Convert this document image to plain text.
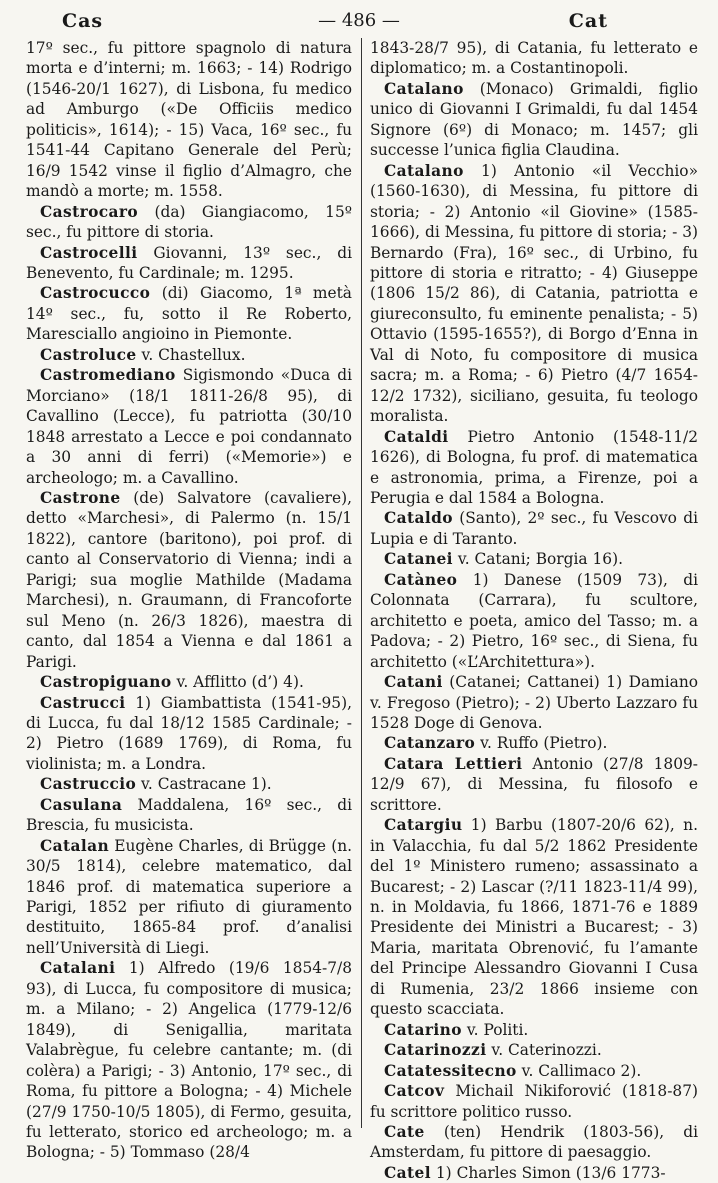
Cas	— 486 —	Cat

17º sec., fu pittore spagnolo di natura morta e d’interni; m. 1663; - 14) Rodrigo (1546-20/1 1627), di Lisbona, fu medico ad Amburgo («De Officiis medico politicis», 1614); - 15) Vaca, 16º sec., fu 1541-44 Capitano Generale del Perù; 16/9 1542 vinse il figlio d’Almagro, che mandò a morte; m. 1558.

Castrocaro (da) Giangiacomo, 15º sec., fu pittore di storia.

Castrocelli Giovanni, 13º sec., di Benevento, fu Cardinale; m. 1295.

Castrocucco (di) Giacomo, 1ª metà 14º sec., fu, sotto il Re Roberto, Maresciallo angioino in Piemonte.

Castroluce v. Chastellux.

Castromediano Sigismondo «Duca di Morciano» (18/1 1811-26/8 95), di Cavallino (Lecce), fu patriotta (30/10 1848 arrestato a Lecce e poi condannato a 30 anni di ferri) («Memorie») e archeologo; m. a Cavallino.

Castrone (de) Salvatore (cavaliere), detto «Marchesi», di Palermo (n. 15/1 1822), cantore (baritono), poi prof. di canto al Conservatorio di Vienna; indi a Parigi; sua moglie Mathilde (Madama Marchesi), n. Graumann, di Francoforte sul Meno (n. 26/3 1826), maestra di canto, dal 1854 a Vienna e dal 1861 a Parigi.

Castropiguano v. Afflitto (d’) 4).

Castrucci 1) Giambattista (1541-95), di Lucca, fu dal 18/12 1585 Cardinale; - 2) Pietro (1689 1769), di Roma, fu violinista; m. a Londra.

Castruccio v. Castracane 1).

Casulana Maddalena, 16º sec., di Brescia, fu musicista.

Catalan Eugène Charles, di Brügge (n. 30/5 1814), celebre matematico, dal 1846 prof. di matematica superiore a Parigi, 1852 per rifiuto di giuramento destituito, 1865-84 prof. d’analisi nell’Università di Liegi.

Catalani 1) Alfredo (19/6 1854-7/8 93), di Lucca, fu compositore di musica; m. a Milano; - 2) Angelica (1779-12/6 1849), di Senigallia, maritata Valabrègue, fu celebre cantante; m. (di colèra) a Parigi; - 3) Antonio, 17º sec., di Roma, fu pittore a Bologna; - 4) Michele (27/9 1750-10/5 1805), di Fermo, gesuita, fu letterato, storico ed archeologo; m. a Bologna; - 5) Tommaso (28/4

1843-28/7 95), di Catania, fu letterato e diplomatico; m. a Costantinopoli.

Catalano (Monaco) Grimaldi, figlio unico di Giovanni I Grimaldi, fu dal 1454 Signore (6º) di Monaco; m. 1457; gli successe l’unica figlia Claudina.

Catalano 1) Antonio «il Vecchio» (1560-1630), di Messina, fu pittore di storia; - 2) Antonio «il Giovine» (1585-1666), di Messina, fu pittore di storia; - 3) Bernardo (Fra), 16º sec., di Urbino, fu pittore di storia e ritratto; - 4) Giuseppe (1806 15/2 86), di Catania, patriotta e giureconsulto, fu eminente penalista; - 5) Ottavio (1595-1655?), di Borgo d’Enna in Val di Noto, fu compositore di musica sacra; m. a Roma; - 6) Pietro (4/7 1654-12/2 1732), siciliano, gesuita, fu teologo moralista.

Cataldi Pietro Antonio (1548-11/2 1626), di Bologna, fu prof. di matematica e astronomia, prima, a Firenze, poi a Perugia e dal 1584 a Bologna.

Cataldo (Santo), 2º sec., fu Vescovo di Lupia e di Taranto.

Catanei v. Catani; Borgia 16).

Catàneo 1) Danese (1509 73), di Colonnata (Carrara), fu scultore, architetto e poeta, amico del Tasso; m. a Padova; - 2) Pietro, 16º sec., di Siena, fu architetto («L’Architettura»).

Catani (Catanei; Cattanei) 1) Damiano v. Fregoso (Pietro); - 2) Uberto Lazzaro fu 1528 Doge di Genova.

Catanzaro v. Ruffo (Pietro).

Catara Lettieri Antonio (27/8 1809-12/9 67), di Messina, fu filosofo e scrittore.

Catargiu 1) Barbu (1807-20/6 62), n. in Valacchia, fu dal 5/2 1862 Presidente del 1º Ministero rumeno; assassinato a Bucarest; - 2) Lascar (?/11 1823-11/4 99), n. in Moldavia, fu 1866, 1871-76 e 1889 Presidente dei Ministri a Bucarest; - 3) Maria, maritata Obrenović, fu l’amante del Principe Alessandro Giovanni I Cusa di Rumenia, 23/2 1866 insieme con questo scacciata.

Catarino v. Politi.

Catarinozzi v. Caterinozzi.

Catatessitecno v. Callimaco 2).

Catcov Michail Nikiforović (1818-87) fu scrittore politico russo.

Cate (ten) Hendrik (1803-56), di Amsterdam, fu pittore di paesaggio.

Catel 1) Charles Simon (13/6 1773-
